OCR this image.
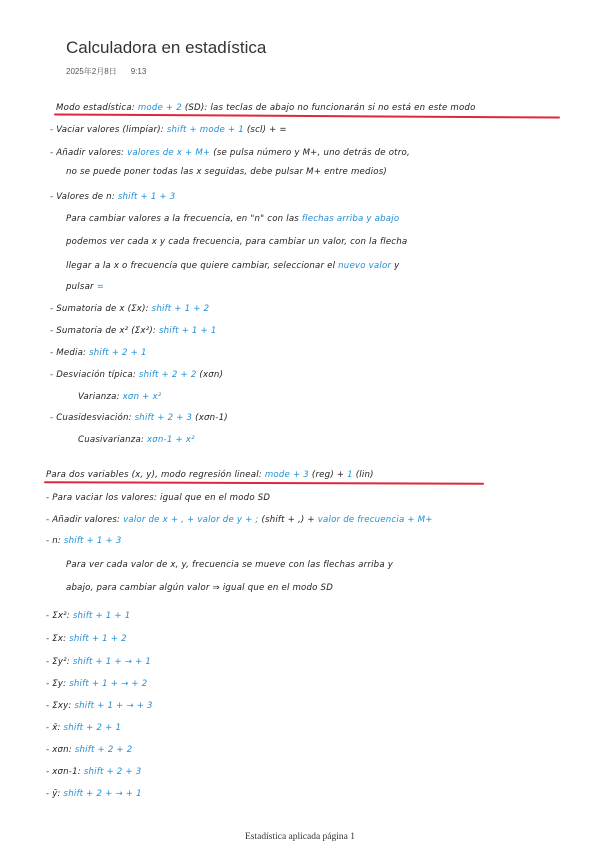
Calculadora en estadística
2025年2月8日 9:13
Modo estadística: mode + 2 (SD): las teclas de abajo no funcionarán si no está en este modo
- Vaciar valores (limpiar): shift + mode + 1 (scl) + =
- Añadir valores: valores de x + M+ (se pulsa número y M+, uno detrás de otro,
no se puede poner todas las x seguidas, debe pulsar M+ entre medios)
- Valores de n: shift + 1 + 3
Para cambiar valores a la frecuencia, en "n" con las flechas arriba y abajo
podemos ver cada x y cada frecuencia, para cambiar un valor, con la flecha
llegar a la x o frecuencia que quiere cambiar, seleccionar el nuevo valor y
pulsar =
- Sumatoria de x (Σx): shift + 1 + 2
- Sumatoria de x² (Σx²): shift + 1 + 1
- Media: shift + 2 + 1
- Desviación típica: shift + 2 + 2 (xσn)
Varianza: xσn + x²
- Cuasidesviación: shift + 2 + 3 (xσn-1)
Cuasivarianza: xσn-1 + x²
Para dos variables (x, y), modo regresión lineal: mode + 3 (reg) + 1 (lin)
- Para vaciar los valores: igual que en el modo SD
- Añadir valores: valor de x + , + valor de y + ; (shift + ,) + valor de frecuencia + M+
- n: shift + 1 + 3
Para ver cada valor de x, y, frecuencia se mueve con las flechas arriba y
abajo, para cambiar algún valor ⇒ igual que en el modo SD
- Σx²: shift + 1 + 1
- Σx: shift + 1 + 2
- Σy²: shift + 1 + → + 1
- Σy: shift + 1 + → + 2
- Σxy: shift + 1 + → + 3
- x̄: shift + 2 + 1
- xσn: shift + 2 + 2
- xσn-1: shift + 2 + 3
- ȳ: shift + 2 + → + 1
Estadística aplicada página 1
